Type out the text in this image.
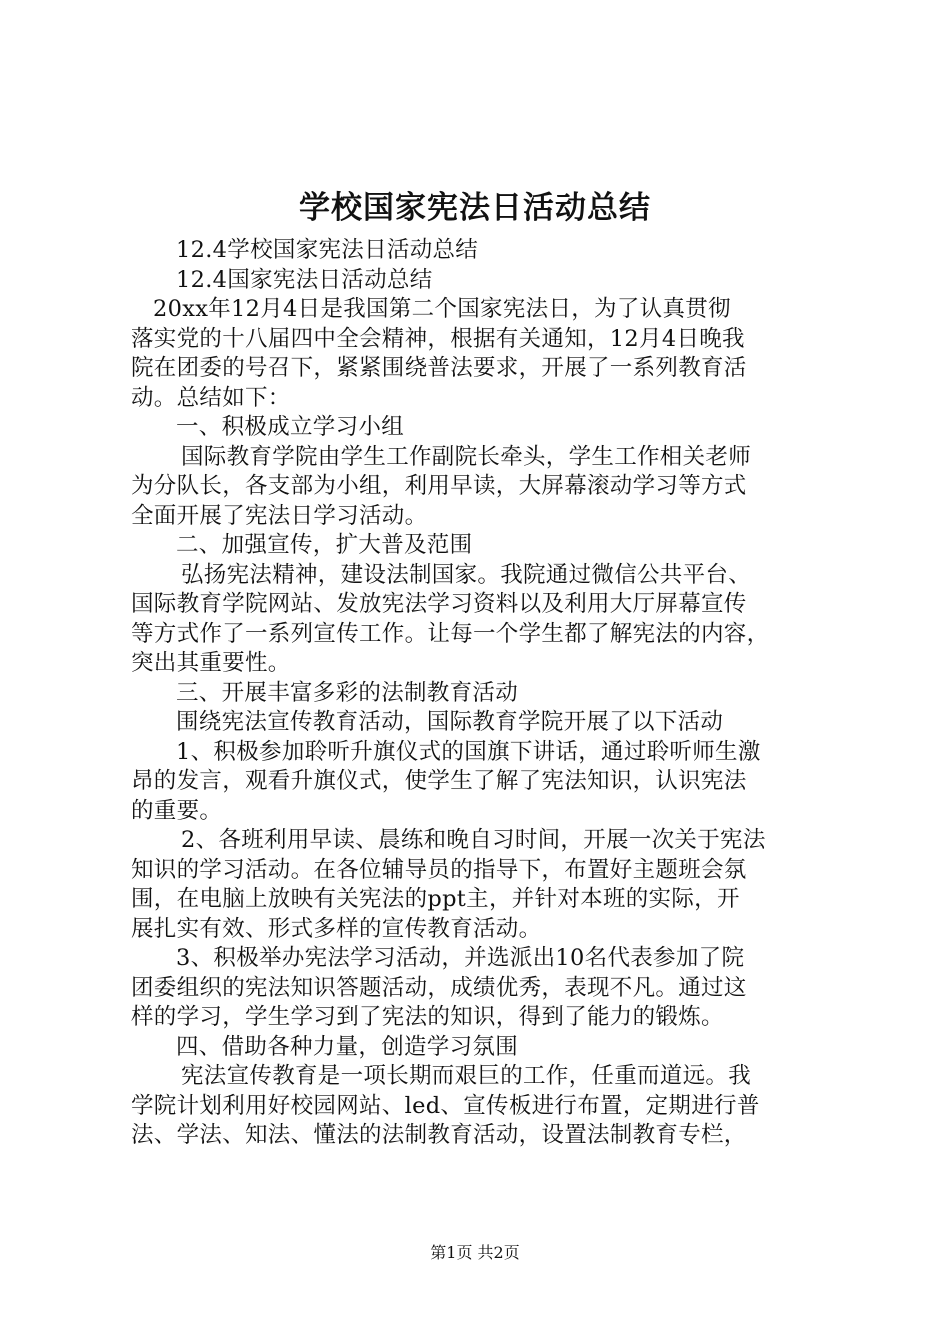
学校国家宪法日活动总结
12.4学校国家宪法日活动总结
12.4国家宪法日活动总结
20xx年12月4日是我国第二个国家宪法日，为了认真贯彻
落实党的十八届四中全会精神，根据有关通知，12月4日晚我
院在团委的号召下，紧紧围绕普法要求，开展了一系列教育活
动。总结如下：
一、积极成立学习小组
国际教育学院由学生工作副院长牵头，学生工作相关老师
为分队长，各支部为小组，利用早读，大屏幕滚动学习等方式
全面开展了宪法日学习活动。
二、加强宣传，扩大普及范围
弘扬宪法精神，建设法制国家。我院通过微信公共平台、
国际教育学院网站、发放宪法学习资料以及利用大厅屏幕宣传
等方式作了一系列宣传工作。让每一个学生都了解宪法的内容，
突出其重要性。
三、开展丰富多彩的法制教育活动
围绕宪法宣传教育活动，国际教育学院开展了以下活动
1、积极参加聆听升旗仪式的国旗下讲话，通过聆听师生激
昂的发言，观看升旗仪式，使学生了解了宪法知识，认识宪法
的重要。
2、各班利用早读、晨练和晚自习时间，开展一次关于宪法
知识的学习活动。在各位辅导员的指导下，布置好主题班会氛
围，在电脑上放映有关宪法的ppt主，并针对本班的实际，开
展扎实有效、形式多样的宣传教育活动。
3、积极举办宪法学习活动，并选派出10名代表参加了院
团委组织的宪法知识答题活动，成绩优秀，表现不凡。通过这
样的学习，学生学习到了宪法的知识，得到了能力的锻炼。
四、借助各种力量，创造学习氛围
宪法宣传教育是一项长期而艰巨的工作，任重而道远。我
学院计划利用好校园网站、led、宣传板进行布置，定期进行普
法、学法、知法、懂法的法制教育活动，设置法制教育专栏，
第1页 共2页
